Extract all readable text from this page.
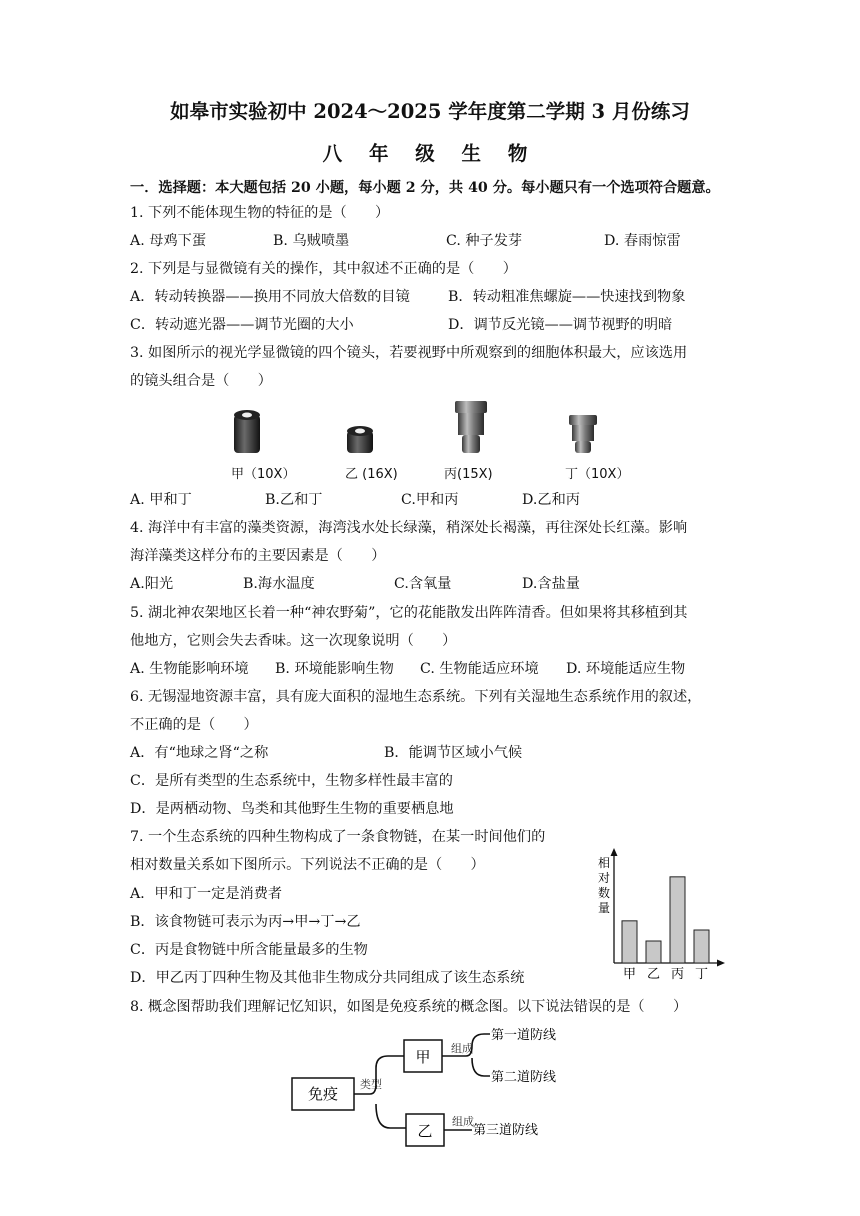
如皋市实验初中 2024～2025 学年度第二学期 3 月份练习
八 年 级 生 物
一．选择题：本大题包括 20 小题，每小题 2 分，共 40 分。每小题只有一个选项符合题意。
1. 下列不能体现生物的特征的是（　　）
A. 母鸡下蛋	B. 乌贼喷墨	C. 种子发芽	D. 春雨惊雷
2. 下列是与显微镜有关的操作，其中叙述不正确的是（　　）
A．转动转换器——换用不同放大倍数的目镜	B．转动粗准焦螺旋——快速找到物象
C．转动遮光器——调节光圈的大小	D．调节反光镜——调节视野的明暗
3. 如图所示的视光学显微镜的四个镜头，若要视野中所观察到的细胞体积最大，应该选用
的镜头组合是（　　）
甲（10X）	乙 (16X)	丙(15X)	丁（10X）
A. 甲和丁	B.乙和丁	C.甲和丙	D.乙和丙
4. 海洋中有丰富的藻类资源，海湾浅水处长绿藻，稍深处长褐藻，再往深处长红藻。影响
海洋藻类这样分布的主要因素是（　　）
A.阳光	B.海水温度	C.含氧量	D.含盐量
5. 湖北神农架地区长着一种“神农野菊”，它的花能散发出阵阵清香。但如果将其移植到其
他地方，它则会失去香味。这一次现象说明（　　）
A. 生物能影响环境 B. 环境能影响生物 C. 生物能适应环境 D. 环境能适应生物
6. 无锡湿地资源丰富，具有庞大面积的湿地生态系统。下列有关湿地生态系统作用的叙述，
不正确的是（　　）
A．有“地球之肾“之称	B．能调节区域小气候
C．是所有类型的生态系统中，生物多样性最丰富的
D．是两栖动物、鸟类和其他野生生物的重要栖息地
7. 一个生态系统的四种生物构成了一条食物链，在某一时间他们的
相对数量关系如下图所示。下列说法不正确的是（　　）
A．甲和丁一定是消费者
B．该食物链可表示为丙→甲→丁→乙
C．丙是食物链中所含能量最多的生物
D．甲乙丙丁四种生物及其他非生物成分共同组成了该生态系统	甲 乙 丙 丁
相
对
数
量
8. 概念图帮助我们理解记忆知识，如图是免疫系统的概念图。以下说法错误的是（　　）
免疫
类型
甲
乙
组成
第一道防线
第二道防线
组成
第三道防线
